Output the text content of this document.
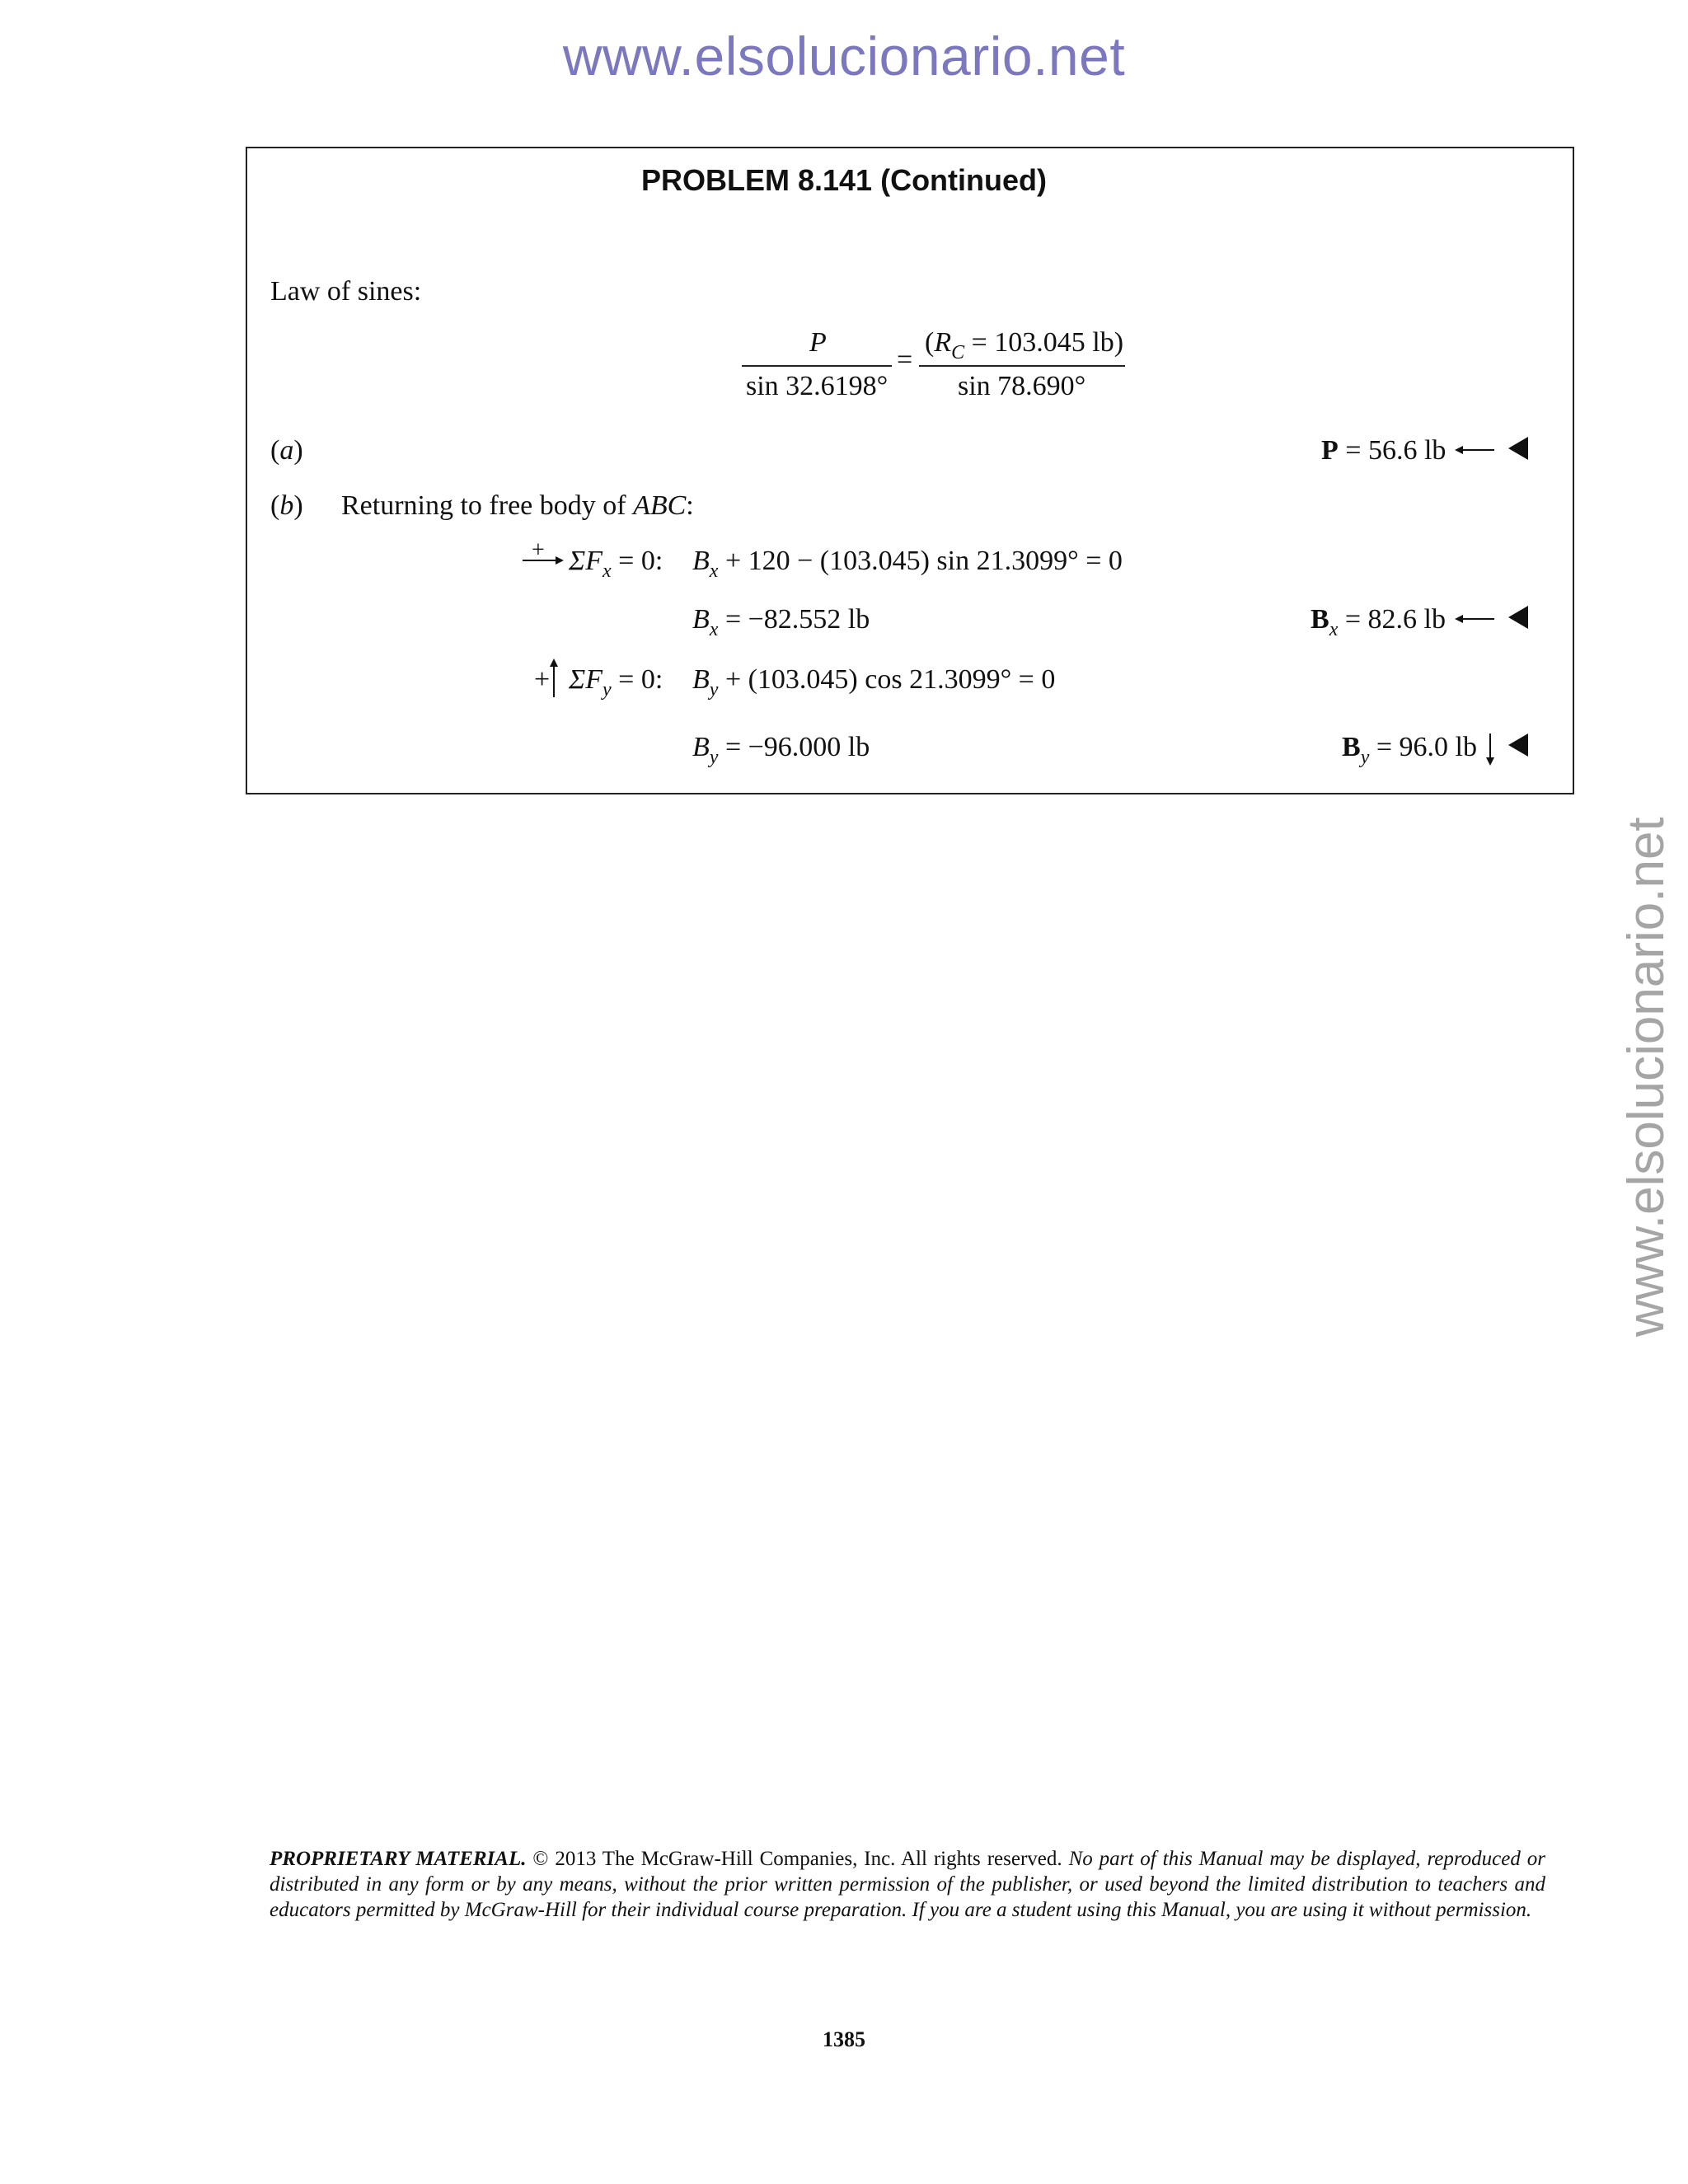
www.elsolucionario.net
www.elsolucionario.net
PROBLEM 8.141 (Continued)
Law of sines:
P
sin 32.6198°
=
($R_C = 103.045$ lb)
sin 78.690°
(a)	P = 56.6 lb
(b) Returning to free body of ABC:
+ $\Sigma F_x = 0$: $B_x + 120 - (103.045)$ sin 21.3099° = 0
$B_x = -82.552$ lb	$B_x = 82.6$ lb
+ $\Sigma F_y = 0$: $B_y + (103.045)$ cos 21.3099° = 0
$B_y = -96.000$ lb	$B_y = 96.0$ lb
PROPRIETARY MATERIAL. © 2013 The McGraw-Hill Companies, Inc. All rights reserved. No part of this Manual may be displayed, reproduced or distributed in any form or by any means, without the prior written permission of the publisher, or used beyond the limited distribution to teachers and educators permitted by McGraw-Hill for their individual course preparation. If you are a student using this Manual, you are using it without permission.
1385
